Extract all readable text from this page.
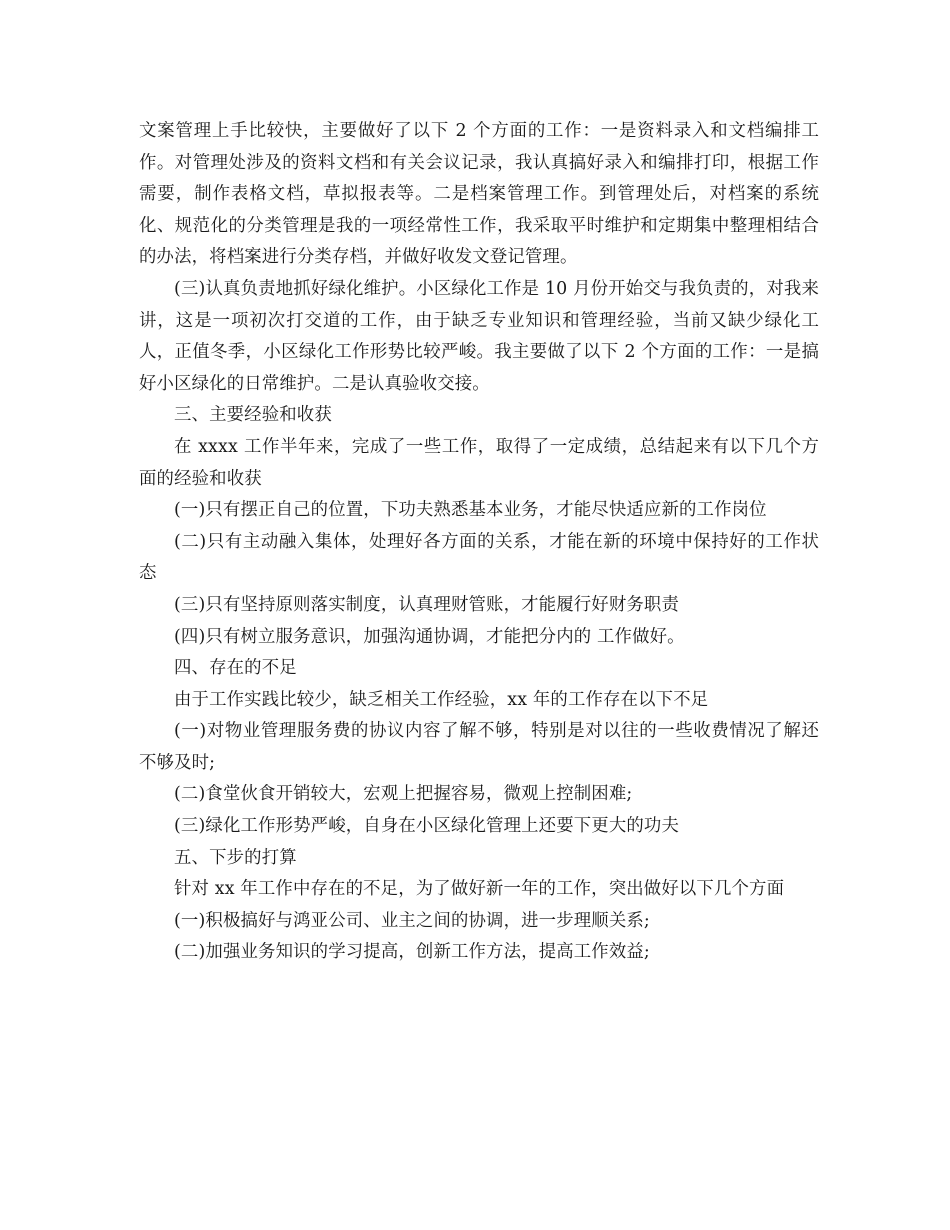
文案管理上手比较快，主要做好了以下 2 个方面的工作：一是资料录入和文档编排工作。对管理处涉及的资料文档和有关会议记录，我认真搞好录入和编排打印，根据工作需要，制作表格文档，草拟报表等。二是档案管理工作。到管理处后，对档案的系统化、规范化的分类管理是我的一项经常性工作，我采取平时维护和定期集中整理相结合的办法，将档案进行分类存档，并做好收发文登记管理。

(三)认真负责地抓好绿化维护。小区绿化工作是 10 月份开始交与我负责的，对我来讲，这是一项初次打交道的工作，由于缺乏专业知识和管理经验，当前又缺少绿化工人，正值冬季，小区绿化工作形势比较严峻。我主要做了以下 2 个方面的工作：一是搞好小区绿化的日常维护。二是认真验收交接。

三、主要经验和收获

在 xxxx 工作半年来，完成了一些工作，取得了一定成绩，总结起来有以下几个方面的经验和收获

(一)只有摆正自己的位置，下功夫熟悉基本业务，才能尽快适应新的工作岗位

(二)只有主动融入集体，处理好各方面的关系，才能在新的环境中保持好的工作状态

(三)只有坚持原则落实制度，认真理财管账，才能履行好财务职责

(四)只有树立服务意识，加强沟通协调，才能把分内的 工作做好。

四、存在的不足

由于工作实践比较少，缺乏相关工作经验，xx 年的工作存在以下不足

(一)对物业管理服务费的协议内容了解不够，特别是对以往的一些收费情况了解还不够及时;

(二)食堂伙食开销较大，宏观上把握容易，微观上控制困难;

(三)绿化工作形势严峻，自身在小区绿化管理上还要下更大的功夫

五、下步的打算

针对 xx 年工作中存在的不足，为了做好新一年的工作，突出做好以下几个方面

(一)积极搞好与鸿亚公司、业主之间的协调，进一步理顺关系;

(二)加强业务知识的学习提高，创新工作方法，提高工作效益;
